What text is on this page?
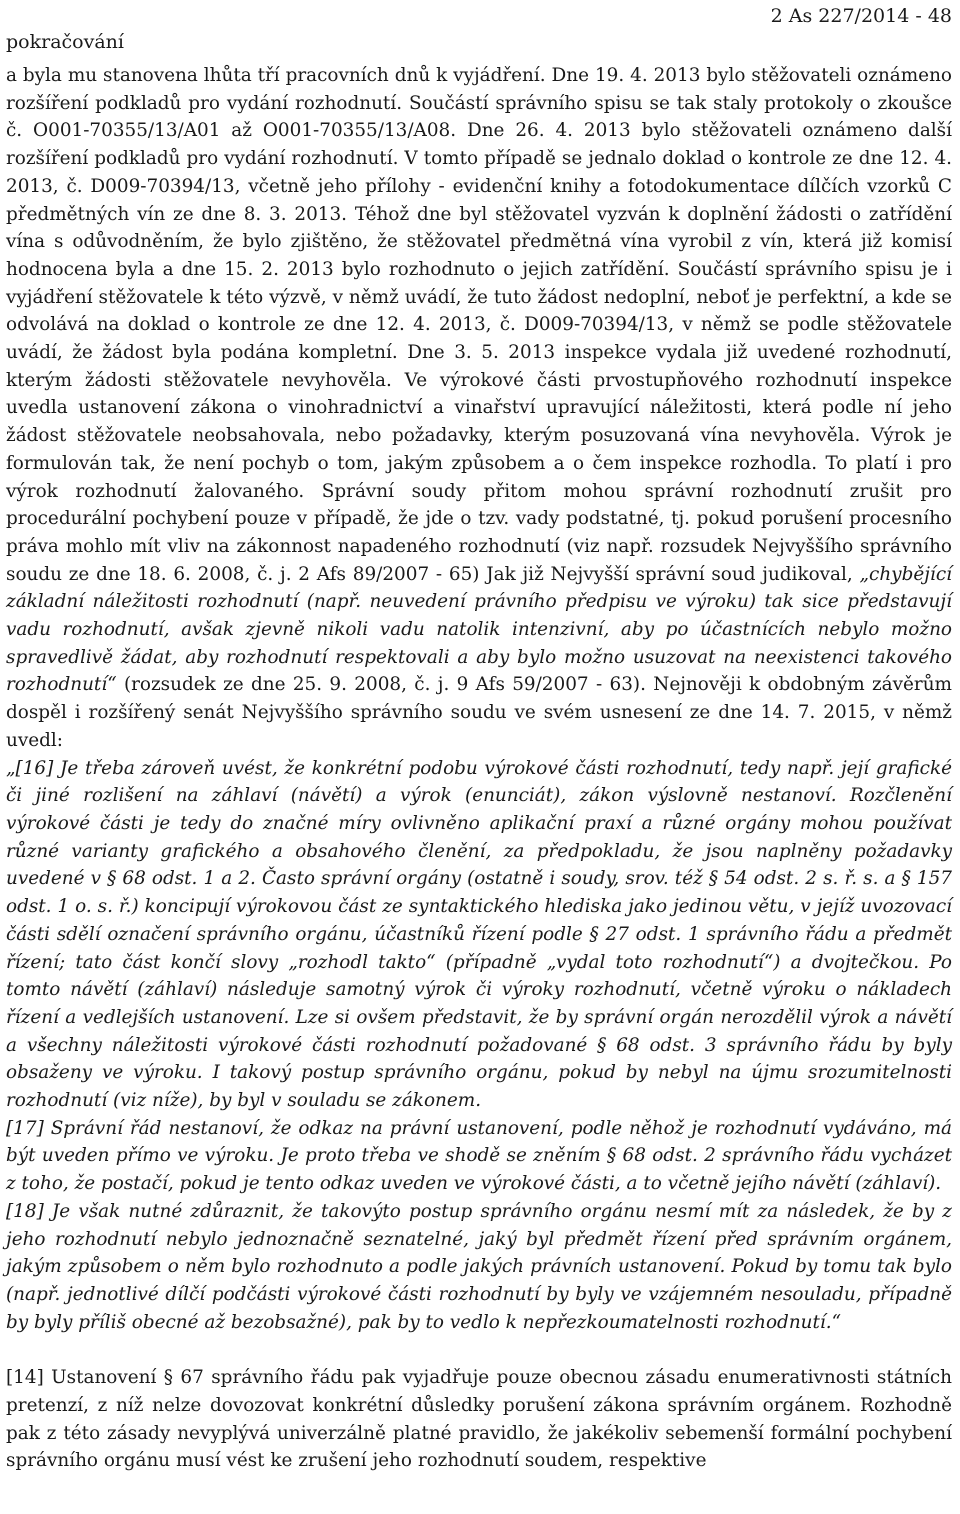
pokračování
2 As 227/2014 - 48

a byla mu stanovena lhůta tří pracovních dnů k vyjádření. Dne 19. 4. 2013 bylo stěžovateli oznámeno rozšíření podkladů pro vydání rozhodnutí. Součástí správního spisu se tak staly protokoly o zkoušce č. O001-70355/13/A01 až O001-70355/13/A08. Dne 26. 4. 2013 bylo stěžovateli oznámeno další rozšíření podkladů pro vydání rozhodnutí. V tomto případě se jednalo doklad o kontrole ze dne 12. 4. 2013, č. D009-70394/13, včetně jeho přílohy - evidenční knihy a fotodokumentace dílčích vzorků C předmětných vín ze dne 8. 3. 2013. Téhož dne byl stěžovatel vyzván k doplnění žádosti o zatřídění vína s odůvodněním, že bylo zjištěno, že stěžovatel předmětná vína vyrobil z vín, která již komisí hodnocena byla a dne 15. 2. 2013 bylo rozhodnuto o jejich zatřídění. Součástí správního spisu je i vyjádření stěžovatele k této výzvě, v němž uvádí, že tuto žádost nedoplní, neboť je perfektní, a kde se odvolává na doklad o kontrole ze dne 12. 4. 2013, č. D009-70394/13, v němž se podle stěžovatele uvádí, že žádost byla podána kompletní. Dne 3. 5. 2013 inspekce vydala již uvedené rozhodnutí, kterým žádosti stěžovatele nevyhověla. Ve výrokové části prvostupňového rozhodnutí inspekce uvedla ustanovení zákona o vinohradnictví a vinařství upravující náležitosti, která podle ní jeho žádost stěžovatele neobsahovala, nebo požadavky, kterým posuzovaná vína nevyhověla. Výrok je formulován tak, že není pochyb o tom, jakým způsobem a o čem inspekce rozhodla. To platí i pro výrok rozhodnutí žalovaného. Správní soudy přitom mohou správní rozhodnutí zrušit pro procedurální pochybení pouze v případě, že jde o tzv. vady podstatné, tj. pokud porušení procesního práva mohlo mít vliv na zákonnost napadeného rozhodnutí (viz např. rozsudek Nejvyššího správního soudu ze dne 18. 6. 2008, č. j. 2 Afs 89/2007 - 65) Jak již Nejvyšší správní soud judikoval, „chybějící základní náležitosti rozhodnutí (např. neuvedení právního předpisu ve výroku) tak sice představují vadu rozhodnutí, avšak zjevně nikoli vadu natolik intenzivní, aby po účastnících nebylo možno spravedlivě žádat, aby rozhodnutí respektovali a aby bylo možno usuzovat na neexistenci takového rozhodnutí“ (rozsudek ze dne 25. 9. 2008, č. j. 9 Afs 59/2007 - 63). Nejnověji k obdobným závěrům dospěl i rozšířený senát Nejvyššího správního soudu ve svém usnesení ze dne 14. 7. 2015, v němž uvedl:

„[16] Je třeba zároveň uvést, že konkrétní podobu výrokové části rozhodnutí, tedy např. její grafické či jiné rozlišení na záhlaví (návětí) a výrok (enunciát), zákon výslovně nestanoví. Rozčlenění výrokové části je tedy do značné míry ovlivněno aplikační praxí a různé orgány mohou používat různé varianty grafického a obsahového členění, za předpokladu, že jsou naplněny požadavky uvedené v § 68 odst. 1 a 2. Často správní orgány (ostatně i soudy, srov. též § 54 odst. 2 s. ř. s. a § 157 odst. 1 o. s. ř.) koncipují výrokovou část ze syntaktického hlediska jako jedinou větu, v jejíž uvozovací části sdělí označení správního orgánu, účastníků řízení podle § 27 odst. 1 správního řádu a předmět řízení; tato část končí slovy „rozhodl takto“ (případně „vydal toto rozhodnutí“) a dvojtečkou. Po tomto návětí (záhlaví) následuje samotný výrok či výroky rozhodnutí, včetně výroku o nákladech řízení a vedlejších ustanovení. Lze si ovšem představit, že by správní orgán nerozdělil výrok a návětí a všechny náležitosti výrokové části rozhodnutí požadované § 68 odst. 3 správního řádu by byly obsaženy ve výroku. I takový postup správního orgánu, pokud by nebyl na újmu srozumitelnosti rozhodnutí (viz níže), by byl v souladu se zákonem.

[17] Správní řád nestanoví, že odkaz na právní ustanovení, podle něhož je rozhodnutí vydáváno, má být uveden přímo ve výroku. Je proto třeba ve shodě se zněním § 68 odst. 2 správního řádu vycházet z toho, že postačí, pokud je tento odkaz uveden ve výrokové části, a to včetně jejího návětí (záhlaví).

[18] Je však nutné zdůraznit, že takovýto postup správního orgánu nesmí mít za následek, že by z jeho rozhodnutí nebylo jednoznačně seznatelné, jaký byl předmět řízení před správním orgánem, jakým způsobem o něm bylo rozhodnuto a podle jakých právních ustanovení. Pokud by tomu tak bylo (např. jednotlivé dílčí podčásti výrokové části rozhodnutí by byly ve vzájemném nesouladu, případně by byly příliš obecné až bezobsažné), pak by to vedlo k nepřezkoumatelnosti rozhodnutí.“

[14] Ustanovení § 67 správního řádu pak vyjadřuje pouze obecnou zásadu enumerativnosti státních pretenzí, z níž nelze dovozovat konkrétní důsledky porušení zákona správním orgánem. Rozhodně pak z této zásady nevyplývá univerzálně platné pravidlo, že jakékoliv sebemenší formální pochybení správního orgánu musí vést ke zrušení jeho rozhodnutí soudem, respektive
